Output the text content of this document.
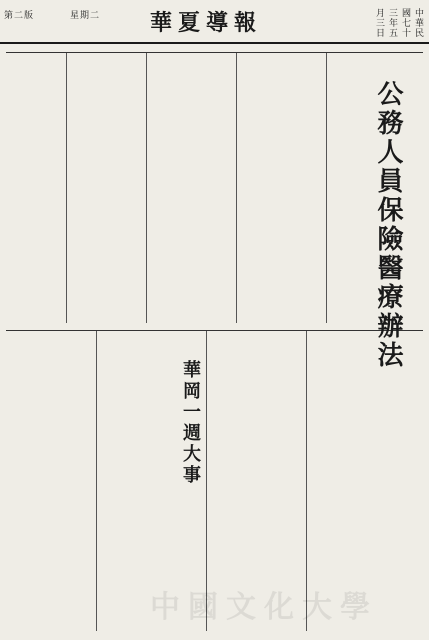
中華民國七十三年五月三日
華夏導報
星期二
第二版
公務人員保險醫療辦法
華岡一週大事
中國文化大學
